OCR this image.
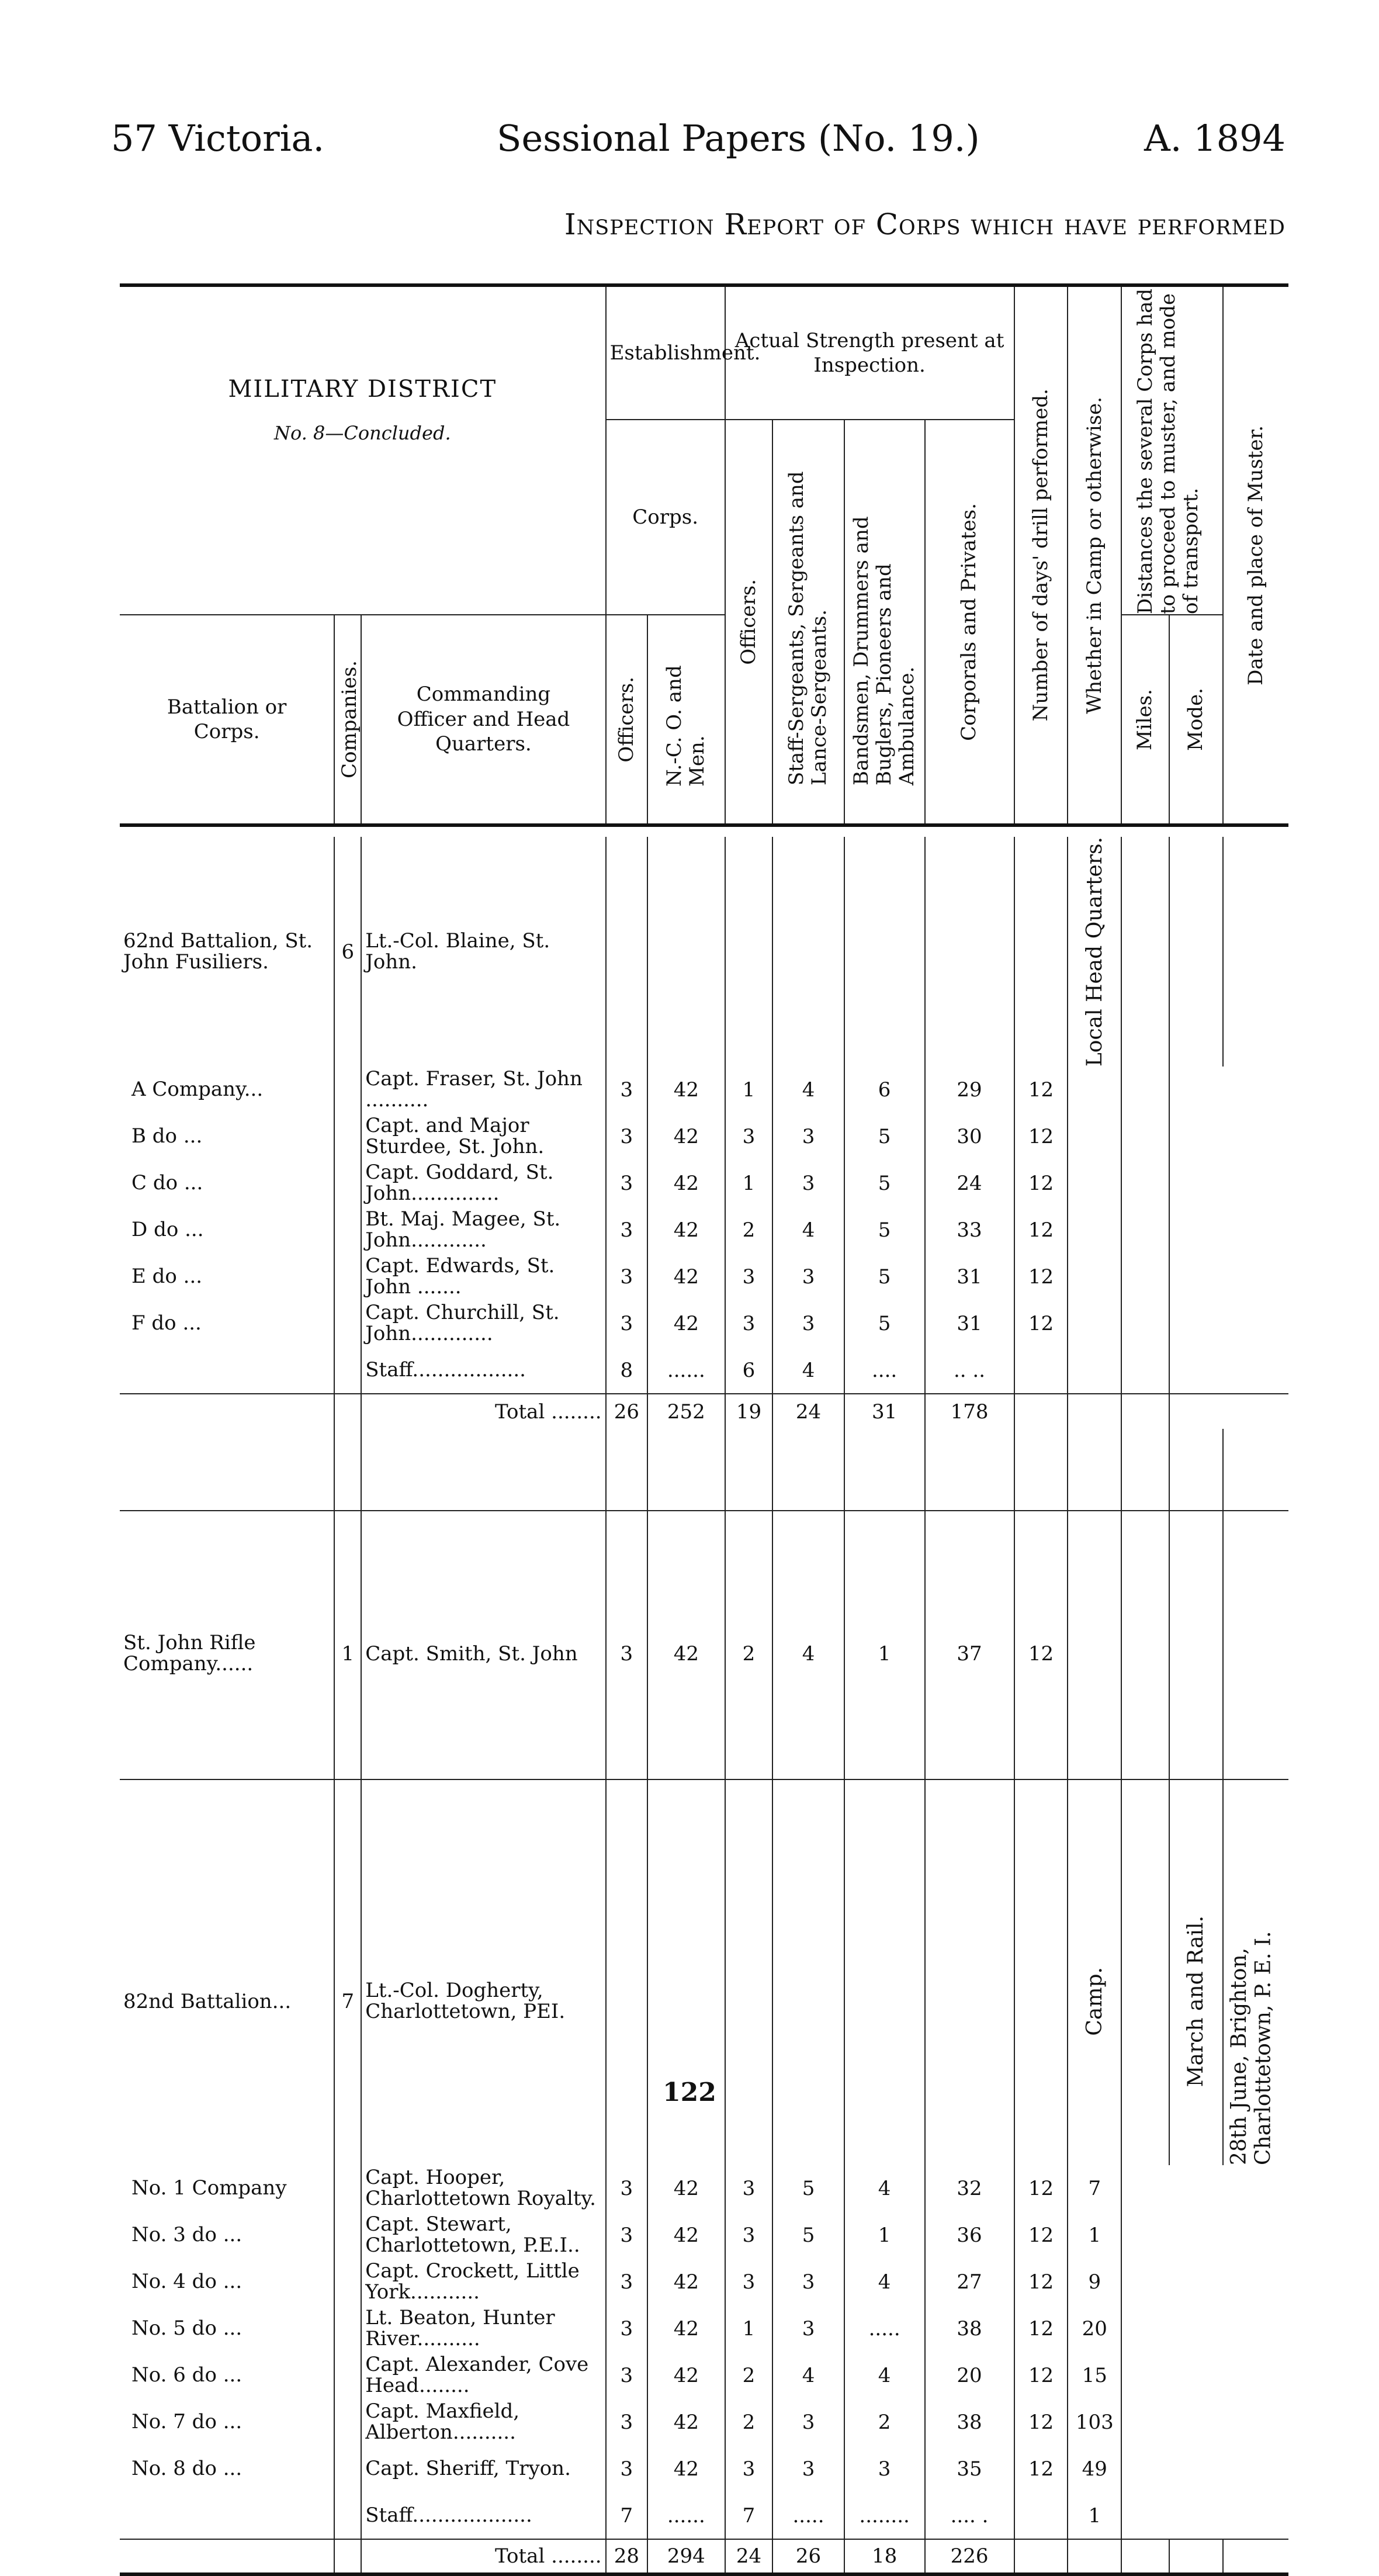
57 Victoria.	Sessional Papers (No. 19.)	A. 1894
Inspection Report of Corps which have performed
MILITARY DISTRICT
No. 8—Concluded.			Establishment.		Actual Strength present at Inspection.				Number of days' drill performed.	Whether in Camp or otherwise.	Distances the several Corps had to proceed to muster, and mode of transport.		Date and place of Muster.

			Corps.		Officers.	Staff-Sergeants, Sergeants and Lance-Sergeants.	Bandsmen, Drummers and Buglers, Pioneers and Ambulance.	Corporals and Privates.					

Battalion or Corps.	Companies.	Commanding Officer and Head Quarters.	Officers.	N.-C. O. and Men.							Miles.	Mode.	

62nd Battalion, St. John Fusiliers.	6	Lt.-Col. Blaine, St. John.								Local Head Quarters.			

A Company...		Capt. Fraser, St. John ..........	3	42	1	4	6	29	12				
B do ...		Capt. and Major Sturdee, St. John.	3	42	3	3	5	30	12				
C do ...		Capt. Goddard, St. John..............	3	42	1	3	5	24	12				
D do ...		Bt. Maj. Magee, St. John............	3	42	2	4	5	33	12				
E do ...		Capt. Edwards, St. John .......	3	42	3	3	5	31	12				
F do ...		Capt. Churchill, St. John.............	3	42	3	3	5	31	12				
		Staff..................	8	......	6	4	....	.. ..					
		Total ........	26	252	19	24	31	178					

St. John Rifle Company......	1	Capt. Smith, St. John	3	42	2	4	1	37	12				

82nd Battalion...	7	Lt.-Col. Dogherty, Charlottetown, PEI.								Camp.		March and Rail.	28th June, Brighton, Charlottetown, P. E. I.

No. 1 Company		Capt. Hooper, Charlottetown Royalty.	3	42	3	5	4	32	12	7			
No. 3 do ...		Capt. Stewart, Charlottetown, P.E.I..	3	42	3	5	1	36	12	1			
No. 4 do ...		Capt. Crockett, Little York...........	3	42	3	3	4	27	12	9			
No. 5 do ...		Lt. Beaton, Hunter River..........	3	42	1	3	.....	38	12	20			
No. 6 do ...		Capt. Alexander, Cove Head........	3	42	2	4	4	20	12	15			
No. 7 do ...		Capt. Maxfield, Alberton..........	3	42	2	3	2	38	12	103			
No. 8 do ...		Capt. Sheriff, Tryon.	3	42	3	3	3	35	12	49			
		Staff...................	7	......	7	.....	........	.... .		1			
		Total ........	28	294	24	26	18	226					
122
